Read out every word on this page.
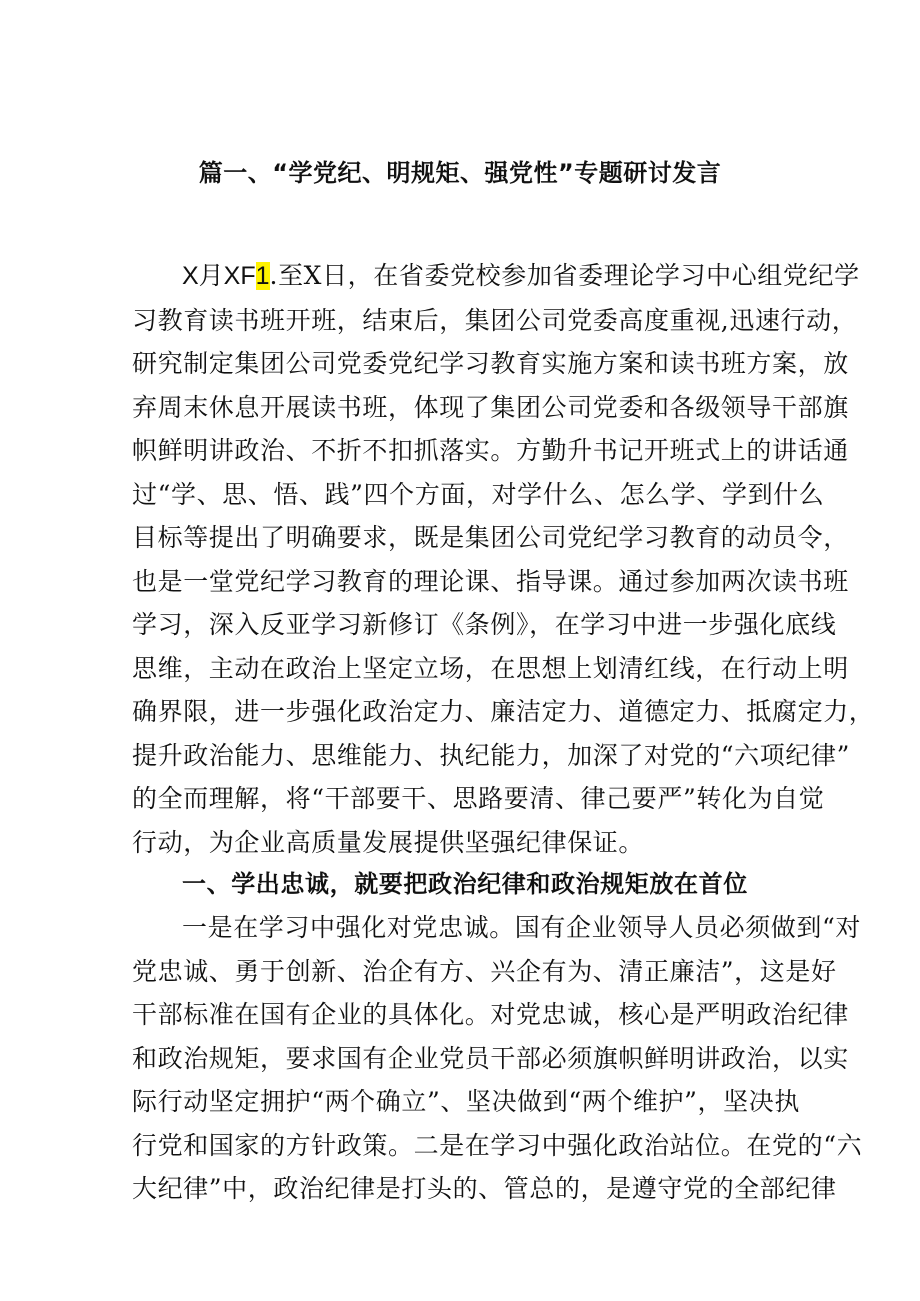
篇一、“学党纪、明规矩、强党性”专题研讨发言
X月XF1.至X日，在省委党校参加省委理论学习中心组党纪学
习教育读书班开班，结束后，集团公司党委高度重视,迅速行动，
研究制定集团公司党委党纪学习教育实施方案和读书班方案，放
弃周末休息开展读书班，体现了集团公司党委和各级领导干部旗
帜鲜明讲政治、不折不扣抓落实。方勤升书记开班式上的讲话通
过“学、思、悟、践”四个方面，对学什么、怎么学、学到什么
目标等提出了明确要求，既是集团公司党纪学习教育的动员令，
也是一堂党纪学习教育的理论课、指导课。通过参加两次读书班
学习，深入反亚学习新修订《条例》，在学习中进一步强化底线
思维，主动在政治上坚定立场，在思想上划清红线，在行动上明
确界限，进一步强化政治定力、廉洁定力、道德定力、抵腐定力，
提升政治能力、思维能力、执纪能力，加深了对党的“六项纪律”
的全而理解，将“干部要干、思路要清、律己要严”转化为自觉
行动，为企业高质量发展提供坚强纪律保证。
一、学出忠诚，就要把政治纪律和政治规矩放在首位
一是在学习中强化对党忠诚。国有企业领导人员必须做到“对
党忠诚、勇于创新、治企有方、兴企有为、清正廉洁”，这是好
干部标准在国有企业的具体化。对党忠诚，核心是严明政治纪律
和政治规矩，要求国有企业党员干部必须旗帜鲜明讲政治，以实
际行动坚定拥护“两个确立”、坚决做到“两个维护”，坚决执
行党和国家的方针政策。二是在学习中强化政治站位。在党的“六
大纪律”中，政治纪律是打头的、管总的，是遵守党的全部纪律
